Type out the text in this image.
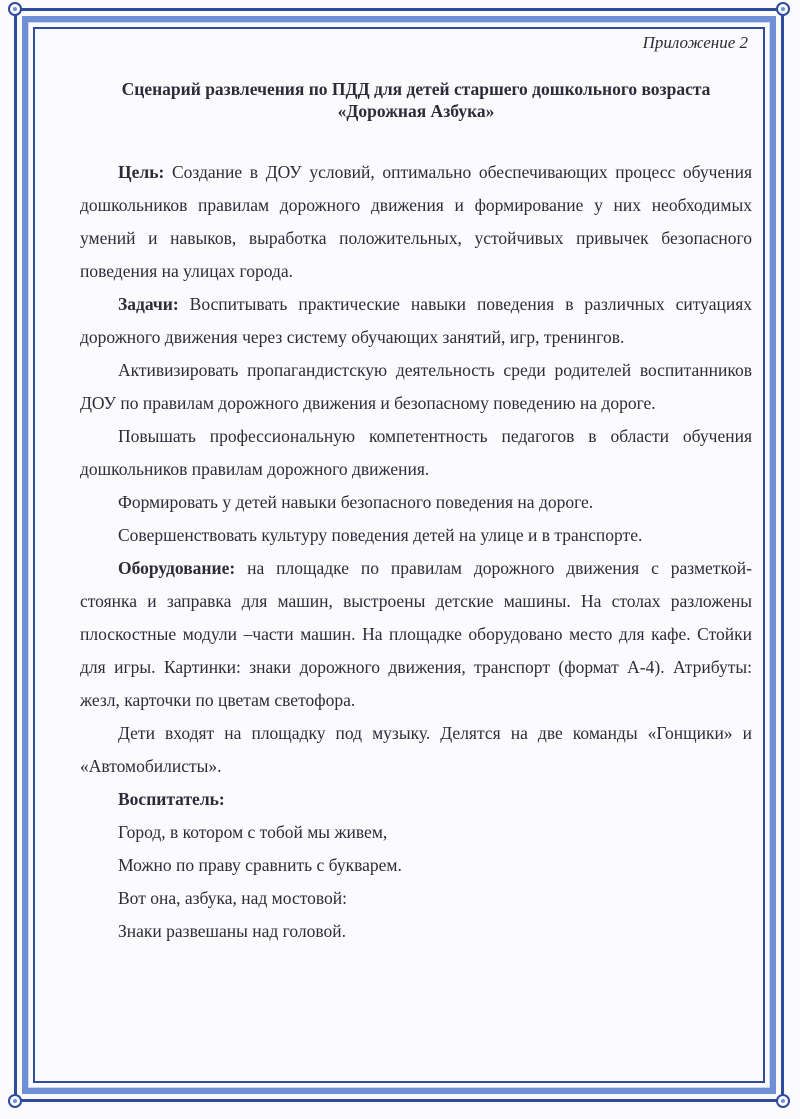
Приложение 2
Сценарий развлечения по ПДД для детей старшего дошкольного возраста «Дорожная Азбука»

Цель: Создание в ДОУ условий, оптимально обеспечивающих процесс обучения дошкольников правилам дорожного движения и формирование у них необходимых умений и навыков, выработка положительных, устойчивых привычек безопасного поведения на улицах города.

Задачи: Воспитывать практические навыки поведения в различных ситуациях дорожного движения через систему обучающих занятий, игр, тренингов.

Активизировать пропагандистскую деятельность среди родителей воспитанников ДОУ по правилам дорожного движения и безопасному поведению на дороге.

Повышать профессиональную компетентность педагогов в области обучения дошкольников правилам дорожного движения.

Формировать у детей навыки безопасного поведения на дороге.

Совершенствовать культуру поведения детей на улице и в транспорте.

Оборудование: на площадке по правилам дорожного движения с разметкой- стоянка и заправка для машин, выстроены детские машины. На столах разложены плоскостные модули –части машин. На площадке оборудовано место для кафе. Стойки для игры. Картинки: знаки дорожного движения, транспорт (формат А-4). Атрибуты: жезл, карточки по цветам светофора.

Дети входят на площадку под музыку. Делятся на две команды «Гонщики» и «Автомобилисты».

Воспитатель:

Город, в котором с тобой мы живем,

Можно по праву сравнить с букварем.

Вот она, азбука, над мостовой:

Знаки развешаны над головой.
